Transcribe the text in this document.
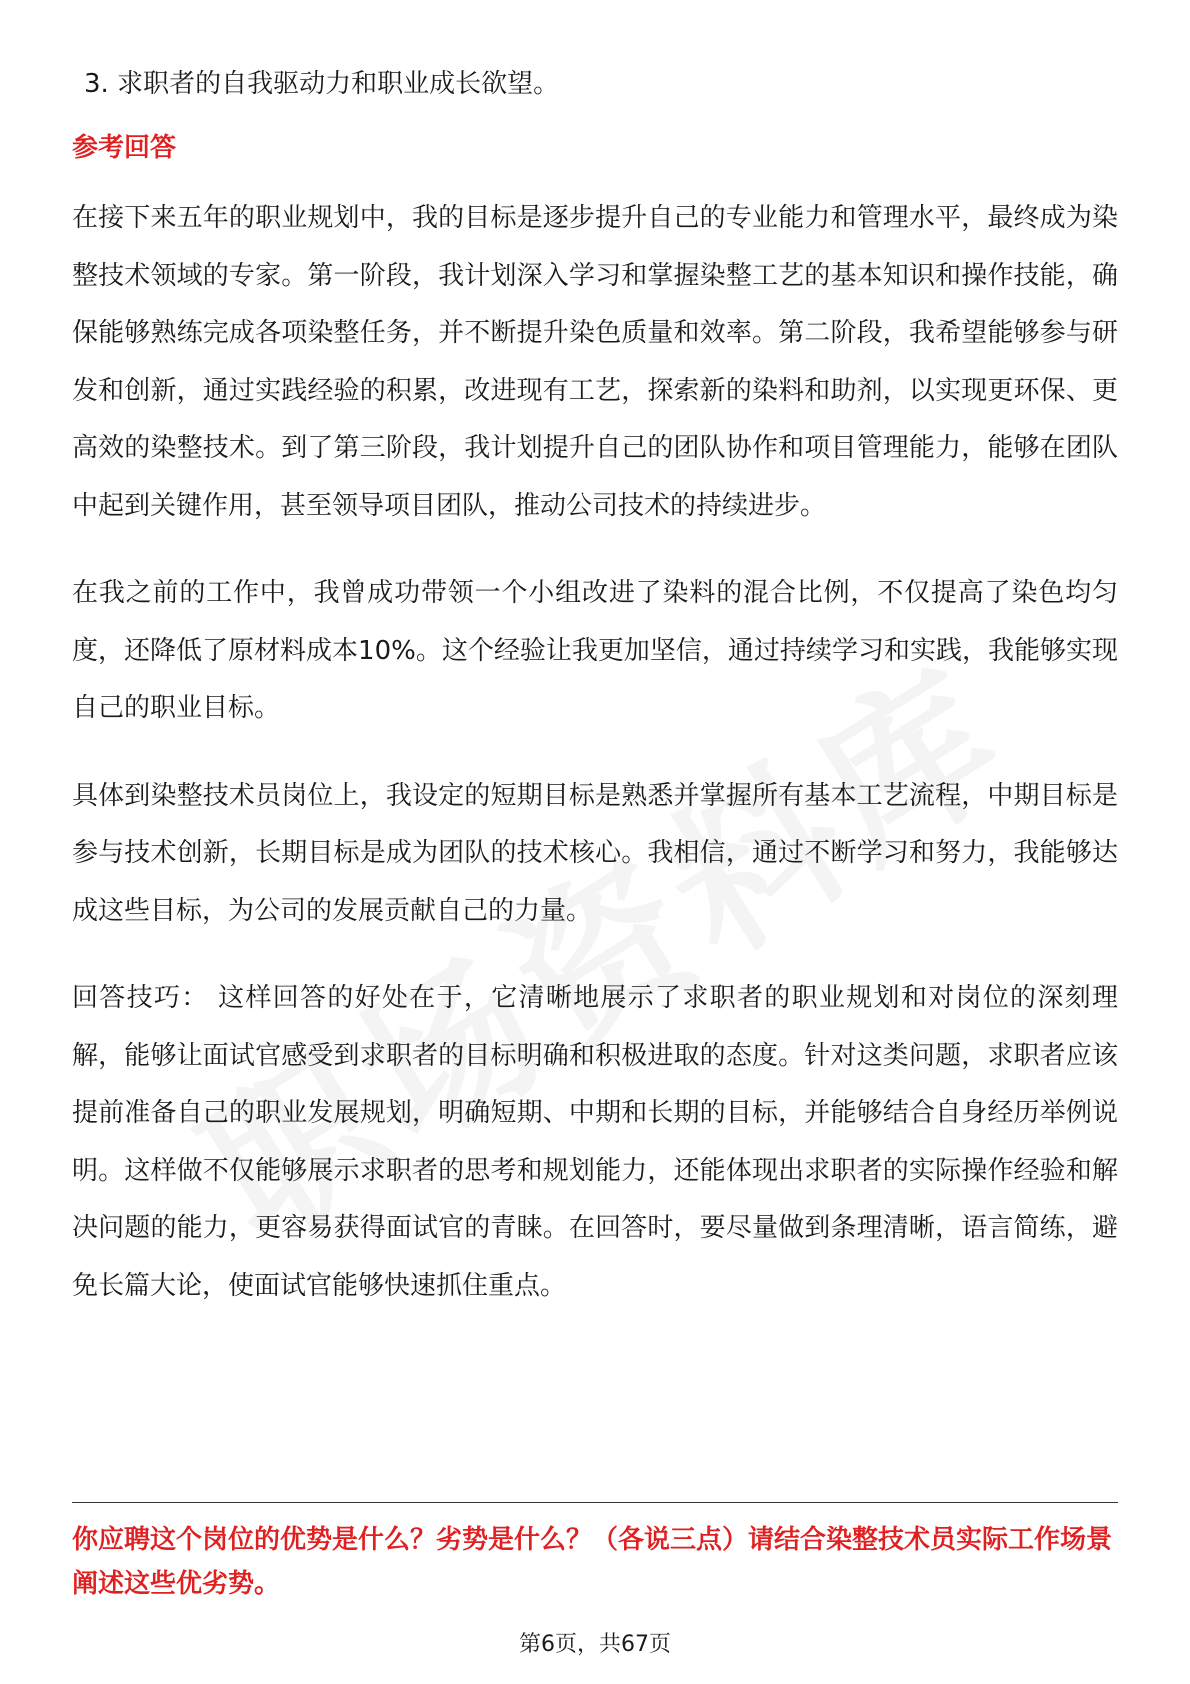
3. 求职者的自我驱动力和职业成长欲望。
参考回答

在接下来五年的职业规划中，我的目标是逐步提升自己的专业能力和管理水平，最终成为染整技术领域的专家。第一阶段，我计划深入学习和掌握染整工艺的基本知识和操作技能，确保能够熟练完成各项染整任务，并不断提升染色质量和效率。第二阶段，我希望能够参与研发和创新，通过实践经验的积累，改进现有工艺，探索新的染料和助剂，以实现更环保、更高效的染整技术。到了第三阶段，我计划提升自己的团队协作和项目管理能力，能够在团队中起到关键作用，甚至领导项目团队，推动公司技术的持续进步。

在我之前的工作中，我曾成功带领一个小组改进了染料的混合比例，不仅提高了染色均匀度，还降低了原材料成本10%。这个经验让我更加坚信，通过持续学习和实践，我能够实现自己的职业目标。

具体到染整技术员岗位上，我设定的短期目标是熟悉并掌握所有基本工艺流程，中期目标是参与技术创新，长期目标是成为团队的技术核心。我相信，通过不断学习和努力，我能够达成这些目标，为公司的发展贡献自己的力量。

回答技巧： 这样回答的好处在于，它清晰地展示了求职者的职业规划和对岗位的深刻理解，能够让面试官感受到求职者的目标明确和积极进取的态度。针对这类问题，求职者应该提前准备自己的职业发展规划，明确短期、中期和长期的目标，并能够结合自身经历举例说明。这样做不仅能够展示求职者的思考和规划能力，还能体现出求职者的实际操作经验和解决问题的能力，更容易获得面试官的青睐。在回答时，要尽量做到条理清晰，语言简练，避免长篇大论，使面试官能够快速抓住重点。

你应聘这个岗位的优势是什么？劣势是什么？（各说三点）请结合染整技术员实际工作场景阐述这些优劣势。
第6页，共67页
